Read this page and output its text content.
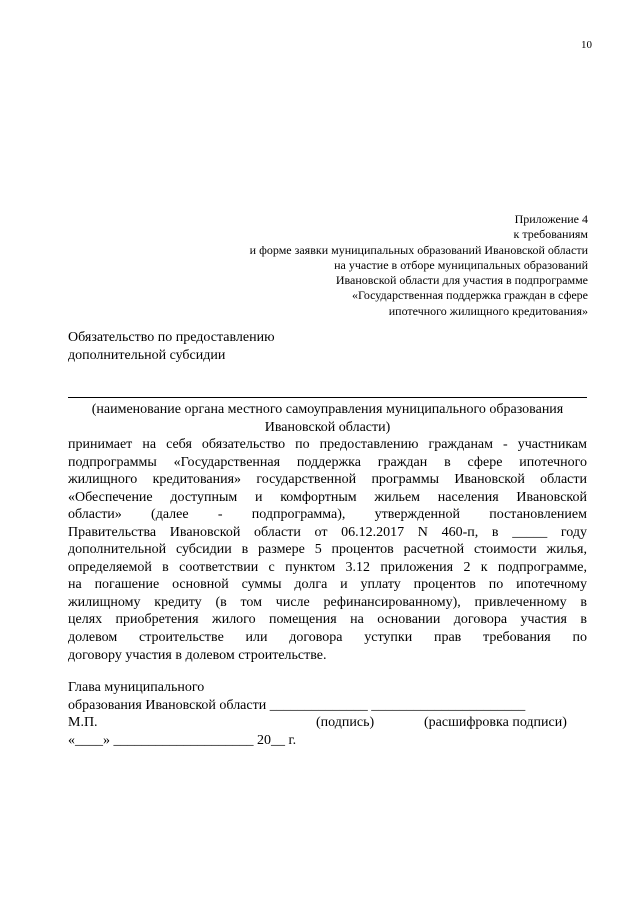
10
Приложение 4
к требованиям
и форме заявки муниципальных образований Ивановской области
на участие в отборе муниципальных образований
Ивановской области для участия в подпрограмме
«Государственная поддержка граждан в сфере
ипотечного жилищного кредитования»
Обязательство по предоставлению
дополнительной субсидии
(наименование органа местного самоуправления муниципального образования
Ивановской области)
принимает на себя обязательство по предоставлению гражданам - участникам
подпрограммы «Государственная поддержка граждан в сфере ипотечного
жилищного кредитования» государственной программы Ивановской области
«Обеспечение доступным и комфортным жильем населения Ивановской
области» (далее - подпрограмма), утвержденной постановлением
Правительства Ивановской области от 06.12.2017 N 460-п, в _____ году
дополнительной субсидии в размере 5 процентов расчетной стоимости жилья,
определяемой в соответствии с пунктом 3.12 приложения 2 к подпрограмме,
на погашение основной суммы долга и уплату процентов по ипотечному
жилищному кредиту (в том числе рефинансированному), привлеченному в
целях приобретения жилого помещения на основании договора участия в
долевом строительстве или договора уступки прав требования по
договору участия в долевом строительстве.
Глава муниципального
образования Ивановской области ______________ ______________________
М.П.	(подпись)	(расшифровка подписи)
«____» ____________________ 20__ г.
